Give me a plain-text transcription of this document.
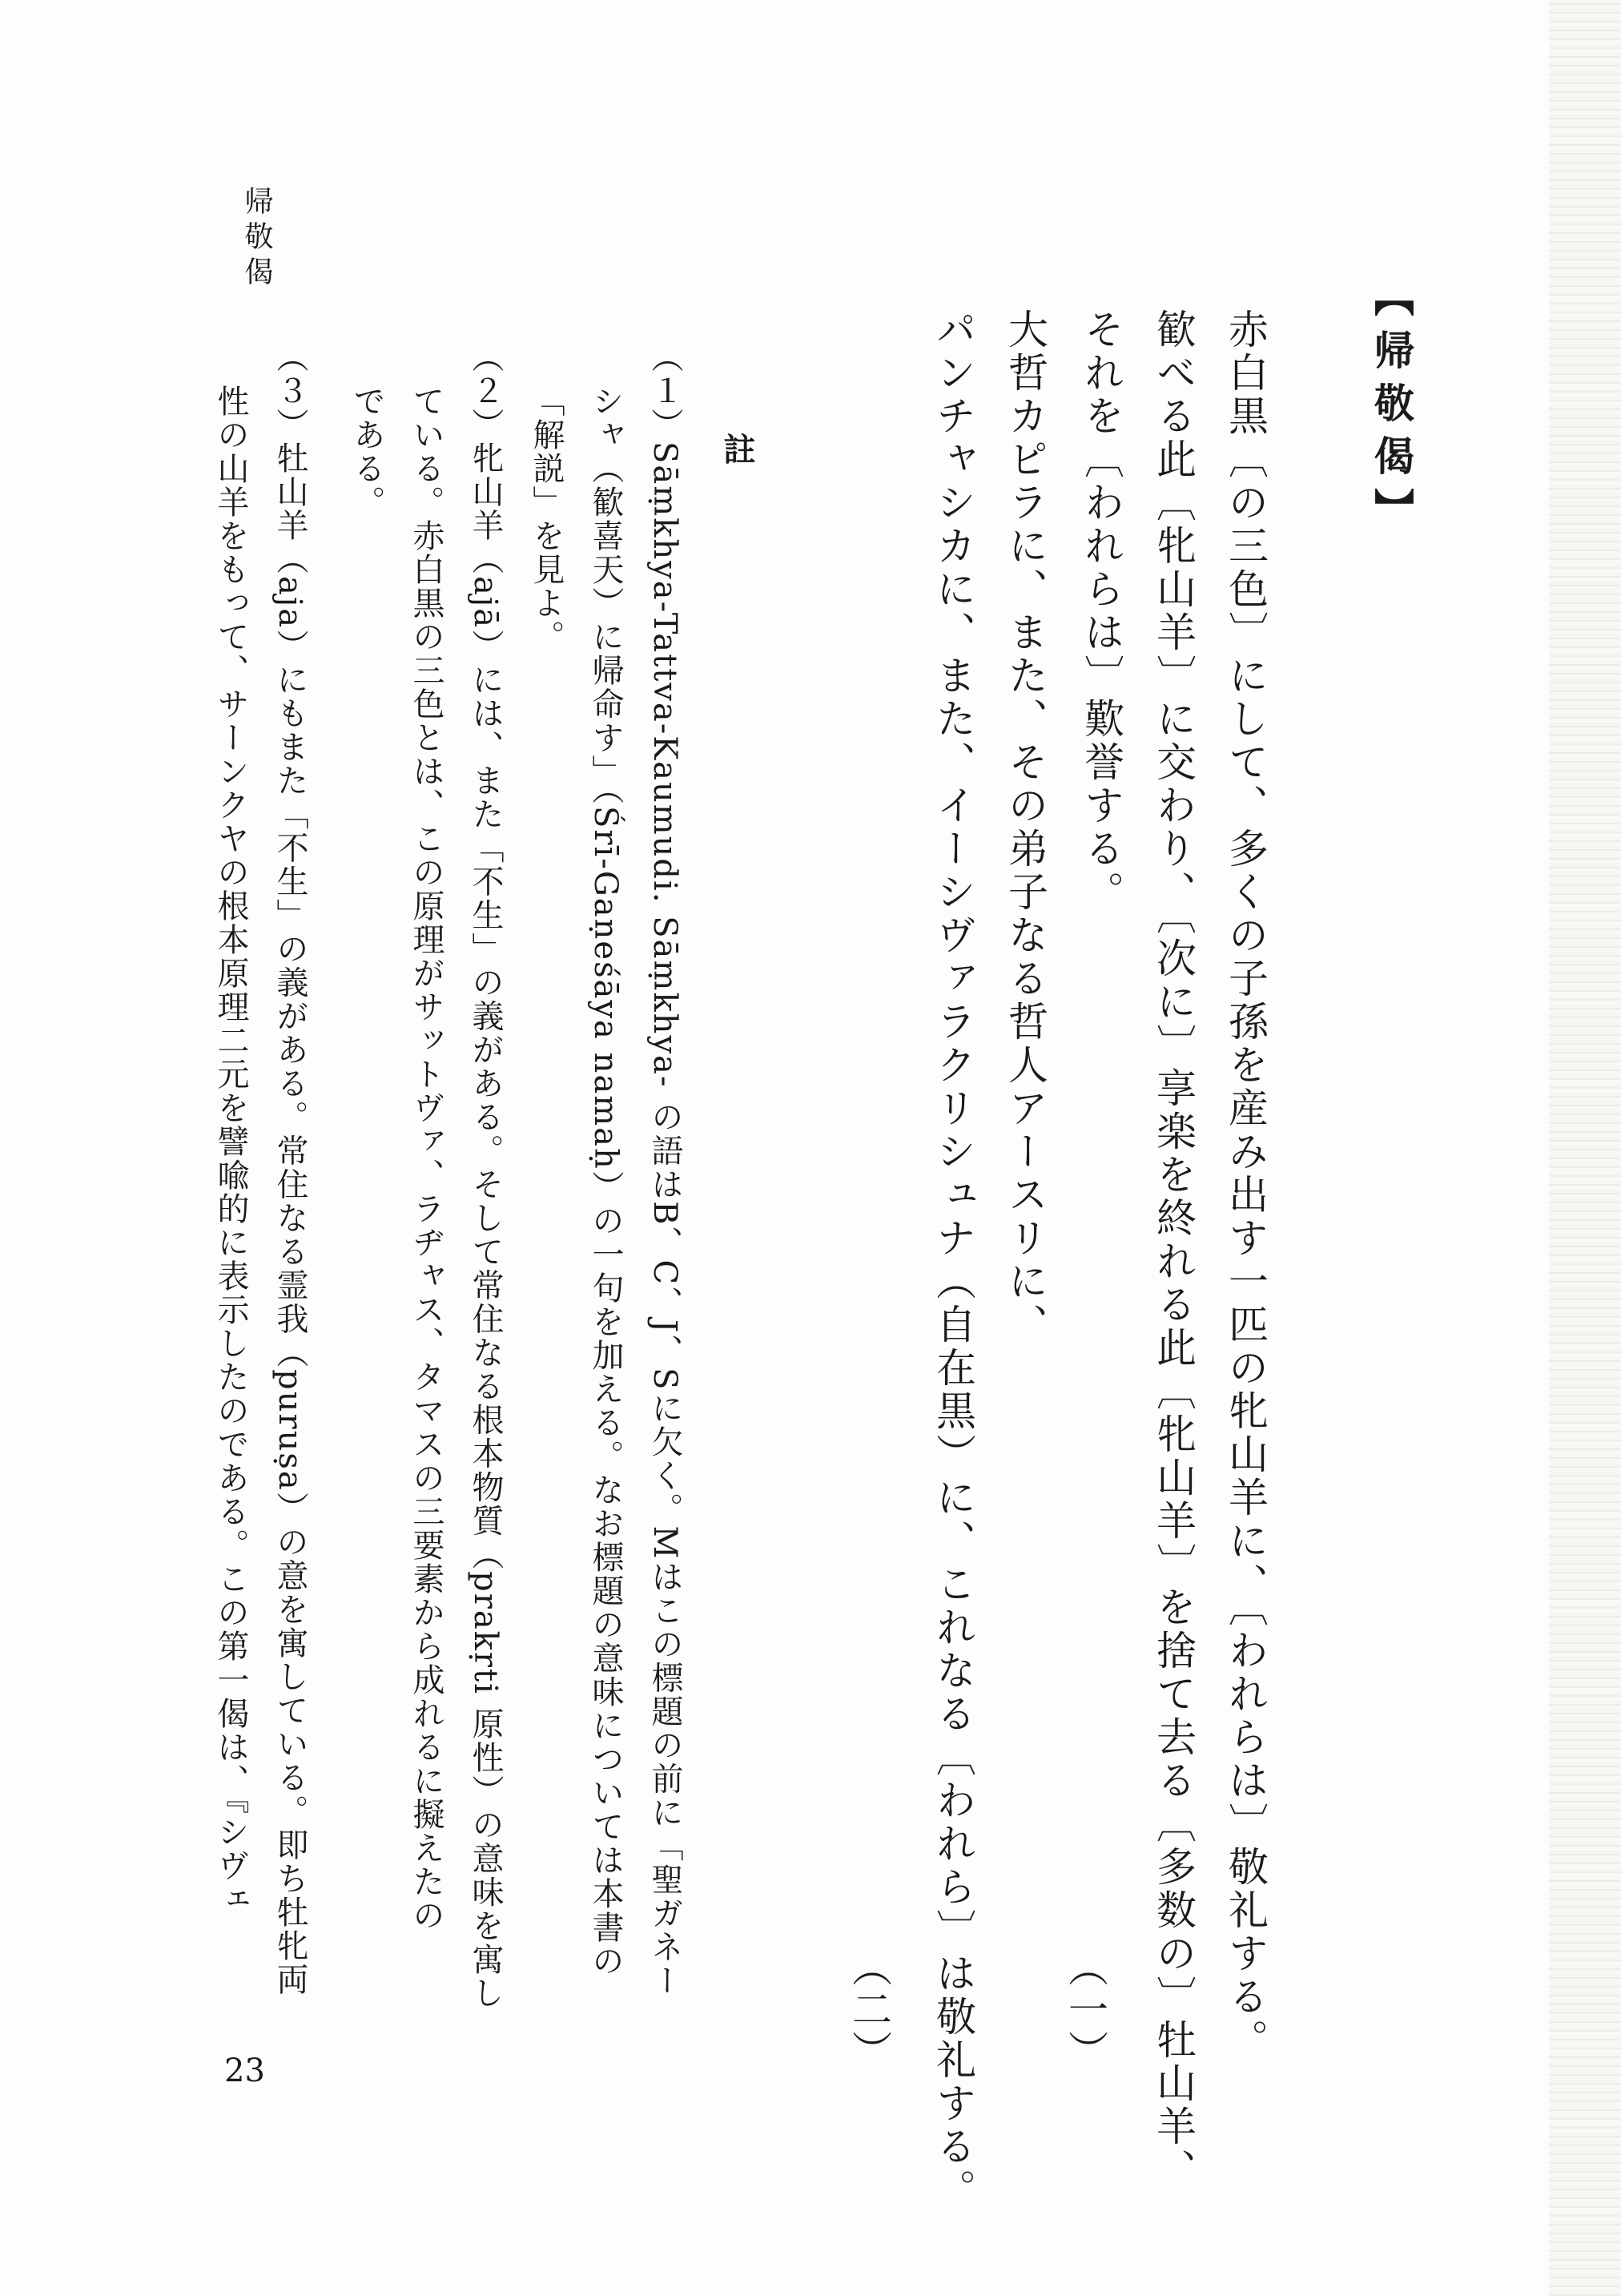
帰敬偈
【帰敬偈】
赤白黒〔の三色〕にして、多くの子孫を産み出す一匹の牝山羊に、〔われらは〕敬礼する。
歓べる此〔牝山羊〕に交わり、〔次に〕享楽を終れる此〔牝山羊〕を捨て去る〔多数の〕牡山羊、
それを〔われらは〕歎誉する。
大哲カピラに、また、その弟子なる哲人アースリに、
パンチャシカに、また、イーシヴァラクリシュナ（自在黒）に、これなる〔われら〕は敬礼する。 （一）
（二）
註
（１）Sāṃkhya-Tattva-Kaumudi. Sāṃkhya- の語はB、C、J、Sに欠く。Mはこの標題の前に「聖ガネー
シャ（歓喜天）に帰命す」（Śrī-Gaṇeśāya namaḥ）の一句を加える。なお標題の意味については本書の
「解説」を見よ。
（２）牝山羊（ajā）には、また「不生」の義がある。そして常住なる根本物質（prakṛti 原性）の意味を寓し
ている。赤白黒の三色とは、この原理がサットヴァ、ラヂャス、タマスの三要素から成れるに擬えたの
である。
（３）牡山羊（aja）にもまた「不生」の義がある。常住なる霊我（puruṣa）の意を寓している。即ち牡牝両
性の山羊をもって、サーンクヤの根本原理二元を譬喩的に表示したのである。この第一偈は、『シヴェ
23
